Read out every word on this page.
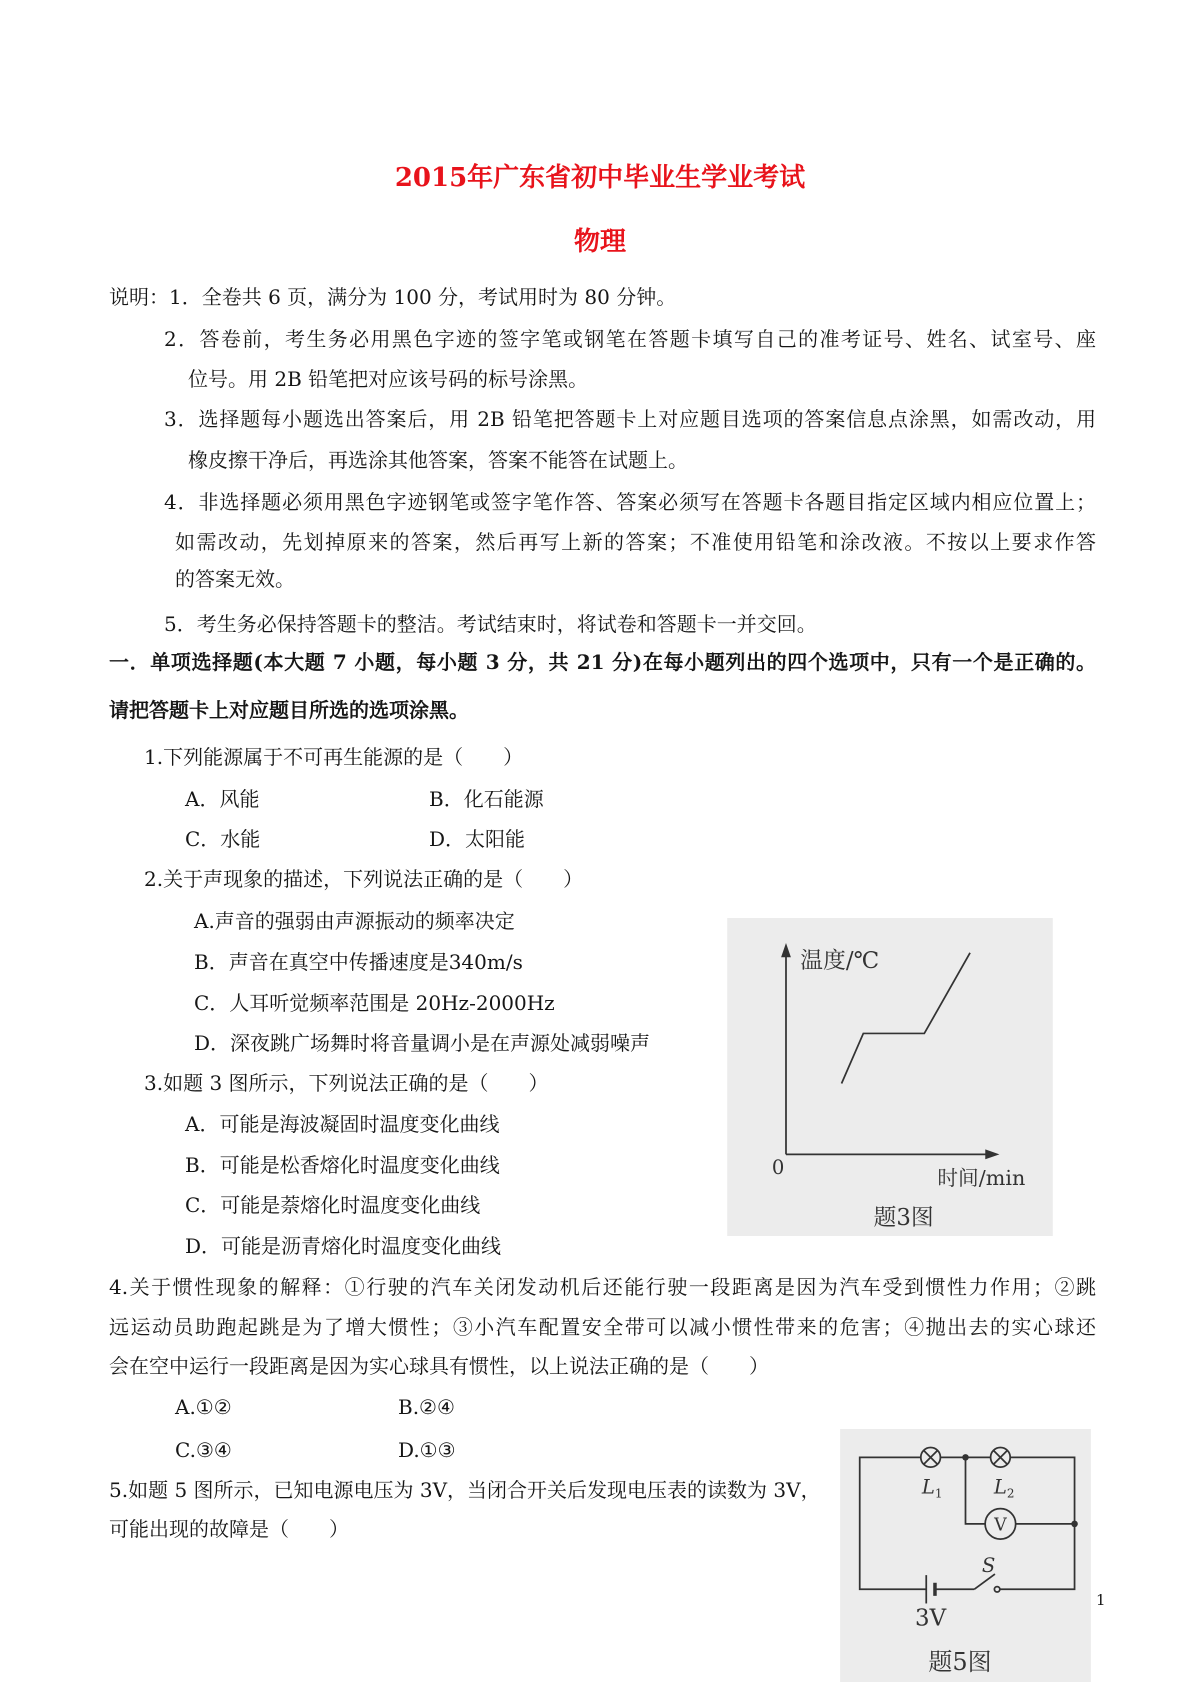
2015年广东省初中毕业生学业考试
物理
说明：1．全卷共 6 页，满分为 100 分，考试用时为 80 分钟。
2．答卷前，考生务必用黑色字迹的签字笔或钢笔在答题卡填写自己的准考证号、姓名、试室号、座
位号。用 2B 铅笔把对应该号码的标号涂黑。
3．选择题每小题选出答案后，用 2B 铅笔把答题卡上对应题目选项的答案信息点涂黑，如需改动，用
橡皮擦干净后，再选涂其他答案，答案不能答在试题上。
4．非选择题必须用黑色字迹钢笔或签字笔作答、答案必须写在答题卡各题目指定区域内相应位置上；
如需改动，先划掉原来的答案，然后再写上新的答案；不准使用铅笔和涂改液。不按以上要求作答
的答案无效。
5．考生务必保持答题卡的整洁。考试结束时，将试卷和答题卡一并交回。
一．单项选择题(本大题 7 小题，每小题 3 分，共 21 分)在每小题列出的四个选项中，只有一个是正确的。
请把答题卡上对应题目所选的选项涂黑。
1.下列能源属于不可再生能源的是（　　）
A．风能	B．化石能源
C．水能	D．太阳能
2.关于声现象的描述，下列说法正确的是（　　）
A.声音的强弱由声源振动的频率决定
B．声音在真空中传播速度是340m/s
C．人耳听觉频率范围是 20Hz-2000Hz
D．深夜跳广场舞时将音量调小是在声源处减弱噪声
3.如题 3 图所示，下列说法正确的是（　　）
A．可能是海波凝固时温度变化曲线
B．可能是松香熔化时温度变化曲线
C．可能是萘熔化时温度变化曲线
D．可能是沥青熔化时温度变化曲线
温度/℃
0	时间/min
题3图
4.关于惯性现象的解释：①行驶的汽车关闭发动机后还能行驶一段距离是因为汽车受到惯性力作用；②跳
远运动员助跑起跳是为了增大惯性；③小汽车配置安全带可以减小惯性带来的危害；④抛出去的实心球还
会在空中运行一段距离是因为实心球具有惯性，以上说法正确的是（　　）
A.①②	B.②④
C.③④	D.①③
5.如题 5 图所示，已知电源电压为 3V，当闭合开关后发现电压表的读数为 3V，
可能出现的故障是（　　）	V
$L_1$	$L_2$
S
3V
题5图
1
